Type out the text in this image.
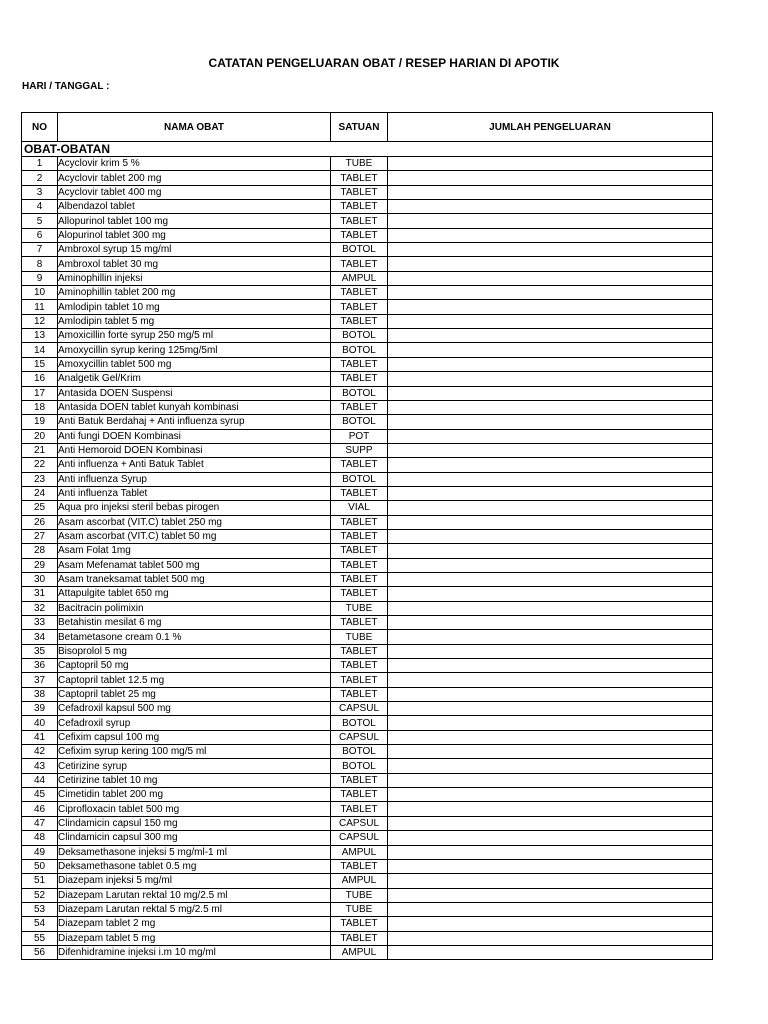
CATATAN PENGELUARAN OBAT / RESEP HARIAN DI APOTIK
HARI / TANGGAL :
NO	NAMA OBAT	SATUAN	JUMLAH PENGELUARAN
OBAT-OBATAN			
1	Acyclovir krim 5 %	TUBE	
2	Acyclovir tablet 200 mg	TABLET	
3	Acyclovir tablet 400 mg	TABLET	
4	Albendazol tablet	TABLET	
5	Allopurinol tablet 100 mg	TABLET	
6	Alopurinol tablet 300 mg	TABLET	
7	Ambroxol syrup 15 mg/ml	BOTOL	
8	Ambroxol tablet 30 mg	TABLET	
9	Aminophillin injeksi	AMPUL	
10	Aminophillin tablet 200 mg	TABLET	
11	Amlodipin tablet 10 mg	TABLET	
12	Amlodipin tablet 5 mg	TABLET	
13	Amoxicillin forte syrup 250 mg/5 ml	BOTOL	
14	Amoxycillin syrup kering 125mg/5ml	BOTOL	
15	Amoxycillin tablet 500 mg	TABLET	
16	Analgetik Gel/Krim	TABLET	
17	Antasida DOEN Suspensi	BOTOL	
18	Antasida DOEN tablet kunyah kombinasi	TABLET	
19	Anti Batuk Berdahaj + Anti influenza syrup	BOTOL	
20	Anti fungi DOEN Kombinasi	POT	
21	Anti Hemoroid DOEN Kombinasi	SUPP	
22	Anti influenza + Anti Batuk Tablet	TABLET	
23	Anti influenza Syrup	BOTOL	
24	Anti influenza Tablet	TABLET	
25	Aqua pro injeksi steril bebas pirogen	VIAL	
26	Asam ascorbat (VIT.C) tablet 250 mg	TABLET	
27	Asam ascorbat (VIT.C) tablet 50 mg	TABLET	
28	Asam Folat 1mg	TABLET	
29	Asam Mefenamat tablet 500 mg	TABLET	
30	Asam traneksamat tablet 500 mg	TABLET	
31	Attapulgite tablet 650 mg	TABLET	
32	Bacitracin polimixin	TUBE	
33	Betahistin mesilat 6 mg	TABLET	
34	Betametasone cream 0.1 %	TUBE	
35	Bisoprolol 5 mg	TABLET	
36	Captopril 50 mg	TABLET	
37	Captopril tablet 12.5 mg	TABLET	
38	Captopril tablet 25 mg	TABLET	
39	Cefadroxil kapsul 500 mg	CAPSUL	
40	Cefadroxil syrup	BOTOL	
41	Cefixim capsul 100 mg	CAPSUL	
42	Cefixim syrup kering 100 mg/5 ml	BOTOL	
43	Cetirizine syrup	BOTOL	
44	Cetirizine tablet 10 mg	TABLET	
45	Cimetidin tablet 200 mg	TABLET	
46	Ciprofloxacin tablet 500 mg	TABLET	
47	Clindamicin capsul 150 mg	CAPSUL	
48	Clindamicin capsul 300 mg	CAPSUL	
49	Deksamethasone injeksi 5 mg/ml-1 ml	AMPUL	
50	Deksamethasone tablet 0.5 mg	TABLET	
51	Diazepam injeksi 5 mg/ml	AMPUL	
52	Diazepam Larutan rektal 10 mg/2.5 ml	TUBE	
53	Diazepam Larutan rektal 5 mg/2.5 ml	TUBE	
54	Diazepam tablet 2 mg	TABLET	
55	Diazepam tablet 5 mg	TABLET	
56	Difenhidramine injeksi i.m 10 mg/ml	AMPUL	
